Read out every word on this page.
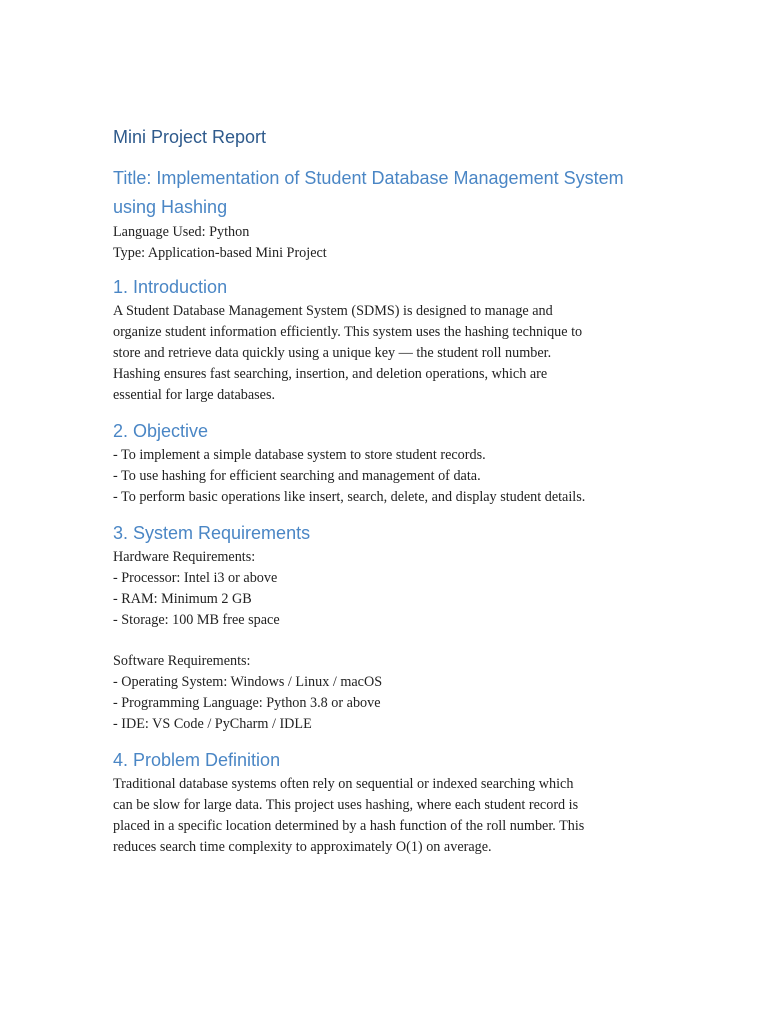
Mini Project Report
Title: Implementation of Student Database Management System
using Hashing
Language Used: Python
Type: Application-based Mini Project
1. Introduction
A Student Database Management System (SDMS) is designed to manage and
organize student information efficiently. This system uses the hashing technique to
store and retrieve data quickly using a unique key — the student roll number.
Hashing ensures fast searching, insertion, and deletion operations, which are
essential for large databases.
2. Objective
- To implement a simple database system to store student records.
- To use hashing for efficient searching and management of data.
- To perform basic operations like insert, search, delete, and display student details.
3. System Requirements
Hardware Requirements:
- Processor: Intel i3 or above
- RAM: Minimum 2 GB
- Storage: 100 MB free space
Software Requirements:
- Operating System: Windows / Linux / macOS
- Programming Language: Python 3.8 or above
- IDE: VS Code / PyCharm / IDLE
4. Problem Definition
Traditional database systems often rely on sequential or indexed searching which
can be slow for large data. This project uses hashing, where each student record is
placed in a specific location determined by a hash function of the roll number. This
reduces search time complexity to approximately O(1) on average.
